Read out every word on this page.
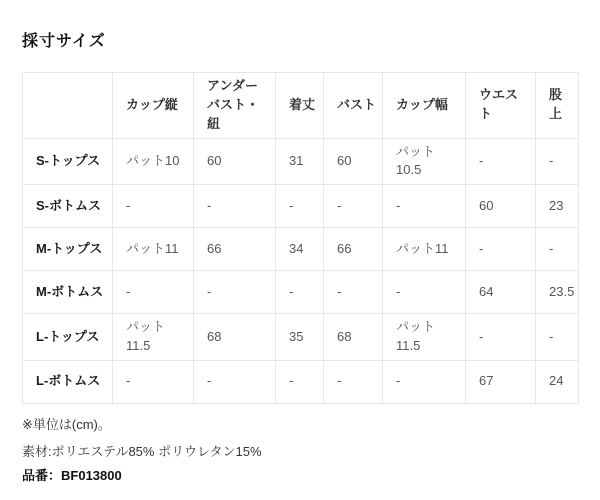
採寸サイズ
	カップ縦	アンダーバスト・紐	着丈	バスト	カップ幅	ウエスト	股上
S-トップス	パット10	60	31	60	パット10.5	-	-
S-ボトムス	-	-	-	-	-	60	23
M-トップス	パット11	66	34	66	パット11	-	-
M-ボトムス	-	-	-	-	-	64	23.5
L-トップス	パット11.5	68	35	68	パット11.5	-	-
L-ボトムス	-	-	-	-	-	67	24

※単位は(cm)。

素材:ポリエステル85% ポリウレタン15%

品番：BF013800
